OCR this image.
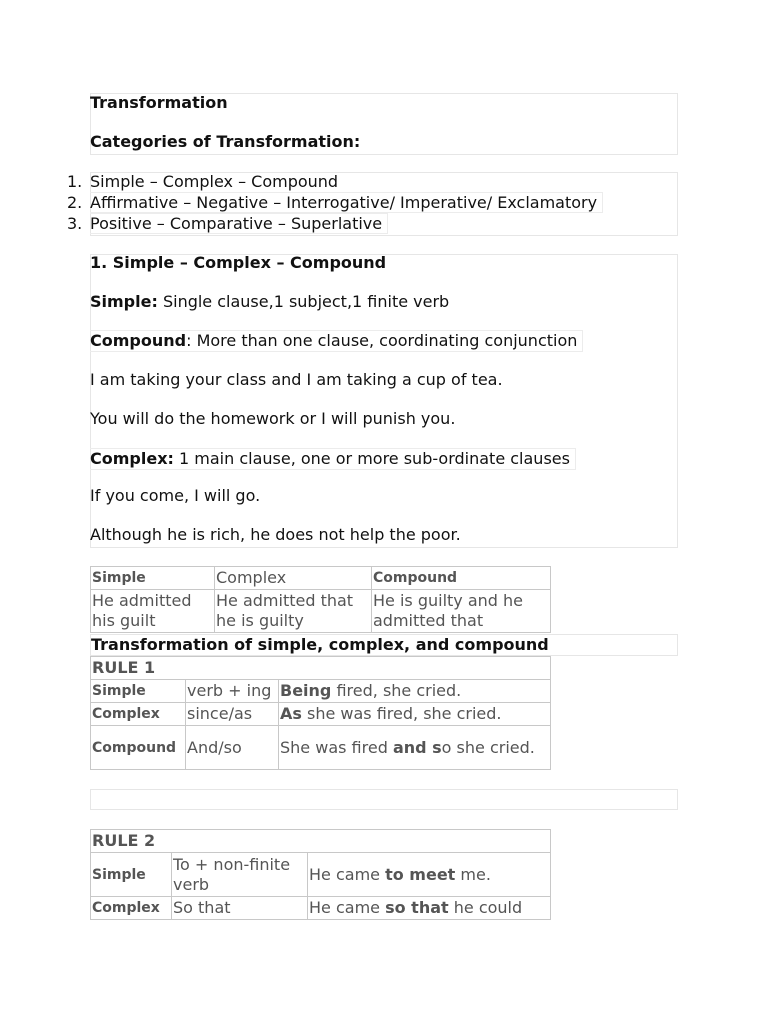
Transformation
Categories of Transformation:
1. Simple – Complex – Compound
2. Affirmative – Negative – Interrogative/ Imperative/ Exclamatory
3. Positive – Comparative – Superlative
1. Simple – Complex – Compound
Simple: Single clause,1 subject,1 finite verb
Compound: More than one clause, coordinating conjunction
I am taking your class and I am taking a cup of tea.
You will do the homework or I will punish you.
Complex: 1 main clause, one or more sub-ordinate clauses
If you come, I will go.
Although he is rich, he does not help the poor.
Simple	Complex	Compound
He admitted his guilt	He admitted that he is guilty	He is guilty and he admitted that
Transformation of simple, complex, and compound
RULE 1		
Simple	verb + ing	Being fired, she cried.
Complex	since/as	As she was fired, she cried.
Compound	And/so	She was fired and so she cried.
RULE 2		
Simple	To + non-finite verb	He came to meet me.
Complex	So that	He came so that he could
